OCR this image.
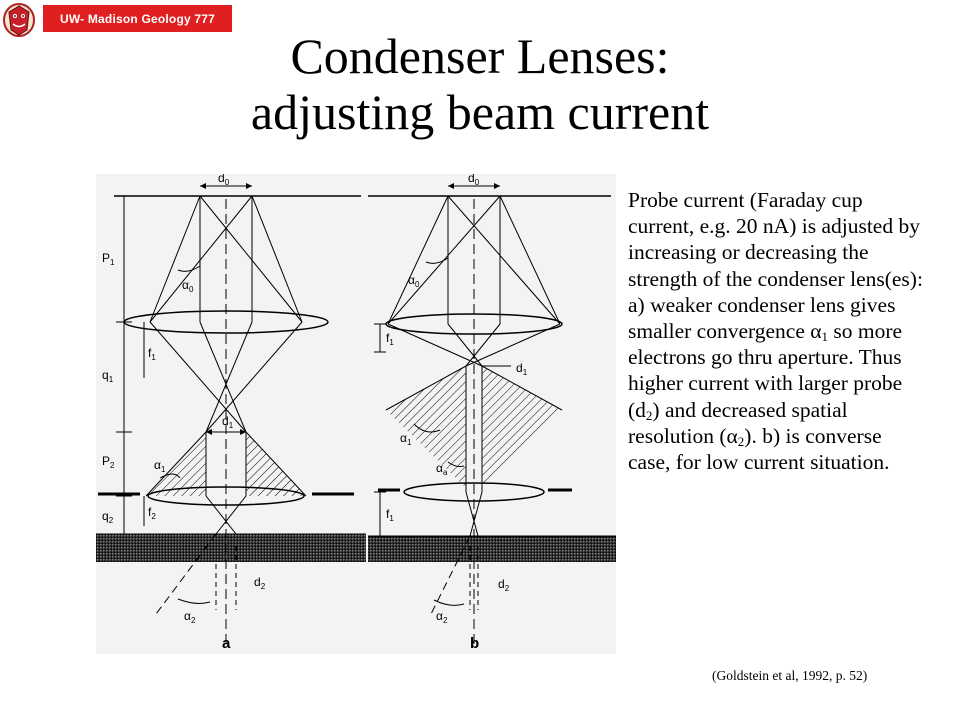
UW- Madison Geology 777
Condenser Lenses:
adjusting beam current
$d_0$
$\alpha_0$
$P_1$
$f_1$
$q_1$
$d_1$
$P_2$	$\alpha_1$
$f_2$
$q_2$
$d_2$
$\alpha_2$
a
$d_0$
$\alpha_0$
$f_1$
$d_1$
$\alpha_1$
$\alpha_a$
$f_1$
$d_2$
$\alpha_2$
b
Probe current (Faraday cup current, e.g. 20 nA) is adjusted by increasing or decreasing the strength of the condenser lens(es): a) weaker condenser lens gives smaller convergence $\alpha_1$ so more electrons go thru aperture. Thus higher current with larger probe $(d_2)$ and decreased spatial resolution $(\alpha_2)$. b) is converse case, for low current situation.
(Goldstein et al, 1992, p. 52)
